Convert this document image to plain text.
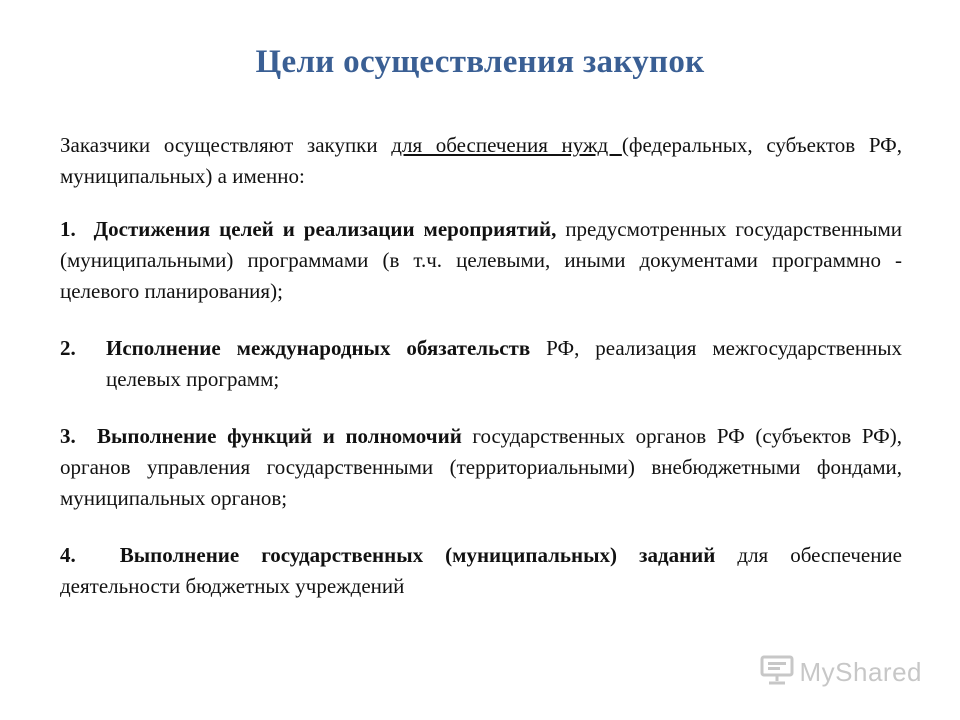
Цели осуществления закупок

Заказчики осуществляют закупки для обеспечения нужд (федеральных, субъектов РФ, муниципальных) а именно:

1. Достижения целей и реализации мероприятий, предусмотренных государственными (муниципальными) программами (в т.ч. целевыми, иными документами программно - целевого планирования);

2.	Исполнение международных обязательств РФ, реализация межгосударственных целевых программ;

3. Выполнение функций и полномочий государственных органов РФ (субъектов РФ), органов управления государственными (территориальными) внебюджетными фондами, муниципальных органов;

4. Выполнение государственных (муниципальных) заданий для обеспечение деятельности бюджетных учреждений

MyShared
